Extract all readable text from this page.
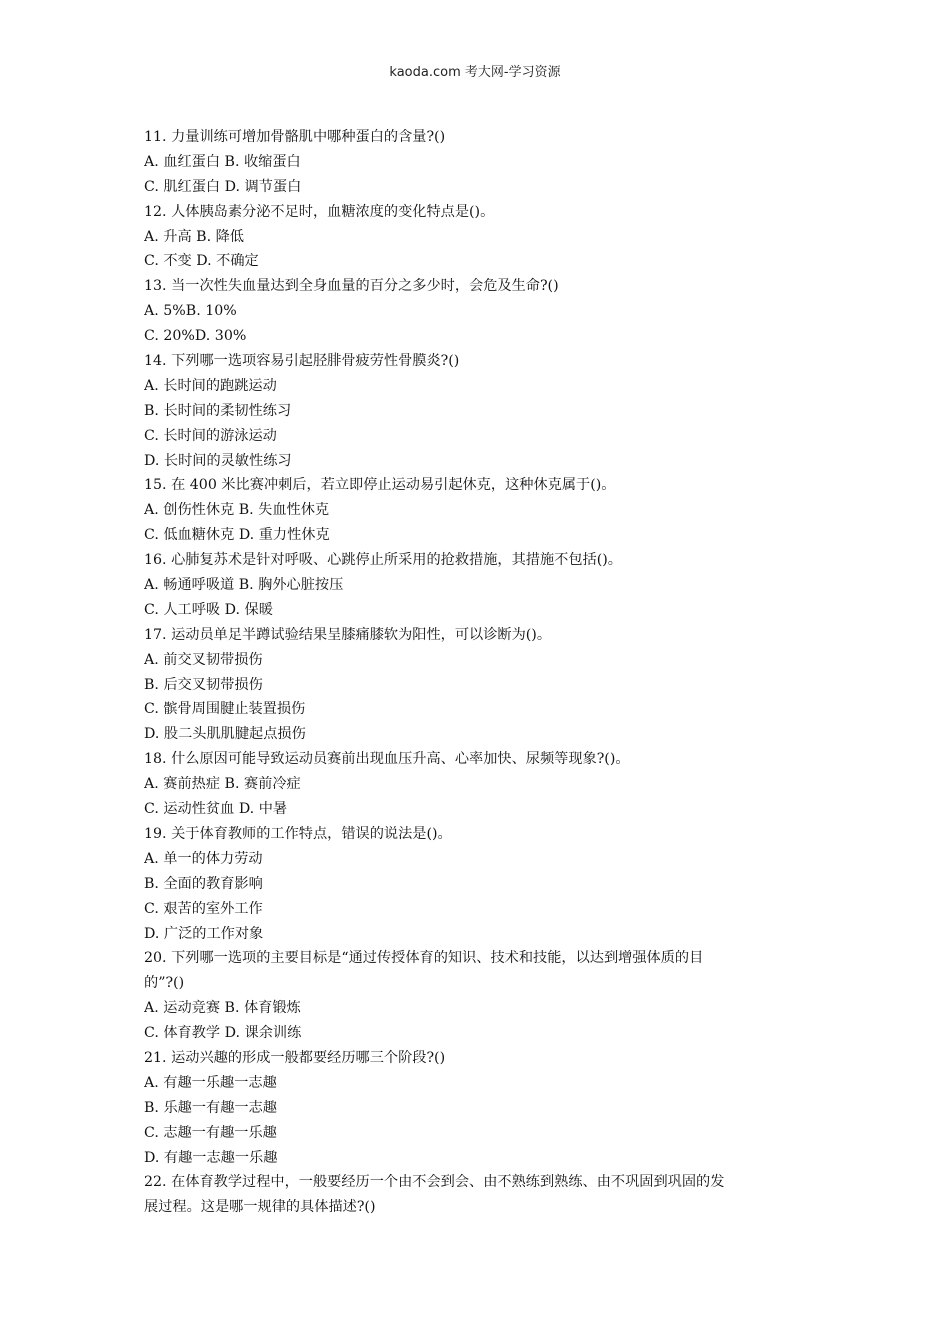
kaoda.com 考大网-学习资源
11. 力量训练可增加骨骼肌中哪种蛋白的含量?()
A. 血红蛋白 B. 收缩蛋白
C. 肌红蛋白 D. 调节蛋白
12. 人体胰岛素分泌不足时，血糖浓度的变化特点是()。
A. 升高 B. 降低
C. 不变 D. 不确定
13. 当一次性失血量达到全身血量的百分之多少时，会危及生命?()
A. 5%B. 10%
C. 20%D. 30%
14. 下列哪一选项容易引起胫腓骨疲劳性骨膜炎?()
A. 长时间的跑跳运动
B. 长时间的柔韧性练习
C. 长时间的游泳运动
D. 长时间的灵敏性练习
15. 在 400 米比赛冲刺后，若立即停止运动易引起休克，这种休克属于()。
A. 创伤性休克 B. 失血性休克
C. 低血糖休克 D. 重力性休克
16. 心肺复苏术是针对呼吸、心跳停止所采用的抢救措施，其措施不包括()。
A. 畅通呼吸道 B. 胸外心脏按压
C. 人工呼吸 D. 保暖
17. 运动员单足半蹲试验结果呈膝痛膝软为阳性，可以诊断为()。
A. 前交叉韧带损伤
B. 后交叉韧带损伤
C. 髌骨周围腱止装置损伤
D. 股二头肌肌腱起点损伤
18. 什么原因可能导致运动员赛前出现血压升高、心率加快、尿频等现象?()。
A. 赛前热症 B. 赛前冷症
C. 运动性贫血 D. 中暑
19. 关于体育教师的工作特点，错误的说法是()。
A. 单一的体力劳动
B. 全面的教育影响
C. 艰苦的室外工作
D. 广泛的工作对象
20. 下列哪一选项的主要目标是“通过传授体育的知识、技术和技能，以达到增强体质的目
的”?()
A. 运动竞赛 B. 体育锻炼
C. 体育教学 D. 课余训练
21. 运动兴趣的形成一般都要经历哪三个阶段?()
A. 有趣一乐趣一志趣
B. 乐趣一有趣一志趣
C. 志趣一有趣一乐趣
D. 有趣一志趣一乐趣
22. 在体育教学过程中，一般要经历一个由不会到会、由不熟练到熟练、由不巩固到巩固的发
展过程。这是哪一规律的具体描述?()
